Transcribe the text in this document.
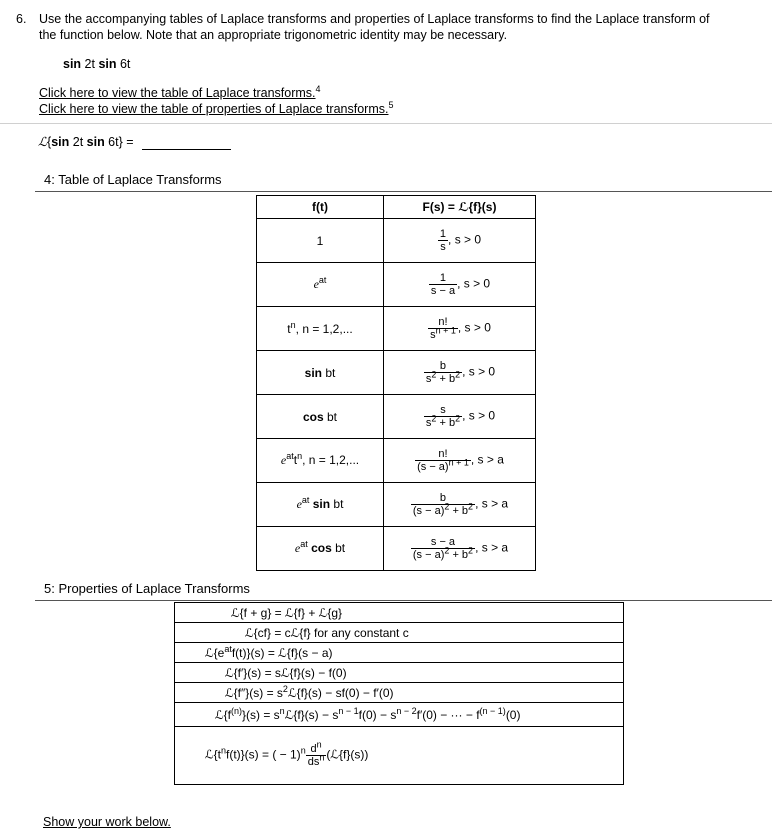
6. Use the accompanying tables of Laplace transforms and properties of Laplace transforms to find the Laplace transform of
the function below. Note that an appropriate trigonometric identity may be necessary.
sin 2t sin 6t
Click here to view the table of Laplace transforms.$^4$
Click here to view the table of properties of Laplace transforms.$^5$
ℒ{sin 2t sin 6t} =
4: Table of Laplace Transforms
f(t)	F(s) = ℒ{f}(s)
1	$\frac{1}{s}$ , s > 0
$e^{at}$	$\frac{1}{s - a}$ , s > 0
$t^n$, n = 1,2,...	$\frac{n!}{s^{n + 1}}$ , s > 0
sin bt	$\frac{b}{s^2 + b^2}$ , s > 0
cos bt	$\frac{s}{s^2 + b^2}$ , s > 0
$e^{at}t^n$, n = 1,2,...	$\frac{n!}{(s - a)^{n + 1}}$ , s > a
$e^{at}$ sin bt	$\frac{b}{(s - a)^2 + b^2}$ , s > a
$e^{at}$ cos bt	$\frac{s - a}{(s - a)^2 + b^2}$ , s > a
5: Properties of Laplace Transforms
ℒ{f + g} = ℒ{f} + ℒ{g}
ℒ{cf} = cℒ{f} for any constant c
$ℒ\{e^{at}f(t)\}(s)$ = ℒ{f}(s − a)
ℒ{f′}(s) = sℒ{f}(s) − f(0)
ℒ{f″}(s) = $s^2ℒ\{f\}(s) - sf(0) - f'(0)$
$ℒ\{f^{(n)}\}(s)$ = $s^nℒ\{f\}(s) - s^{n - 1}f(0) - s^{n - 2}f'(0)$ − ··· − $f^{(n - 1)}(0)$
$ℒ\{t^nf(t)\}(s)$ = ( − $1)^n \frac{d^n}{ds^n}$ (ℒ{f}(s))
Show your work below.
